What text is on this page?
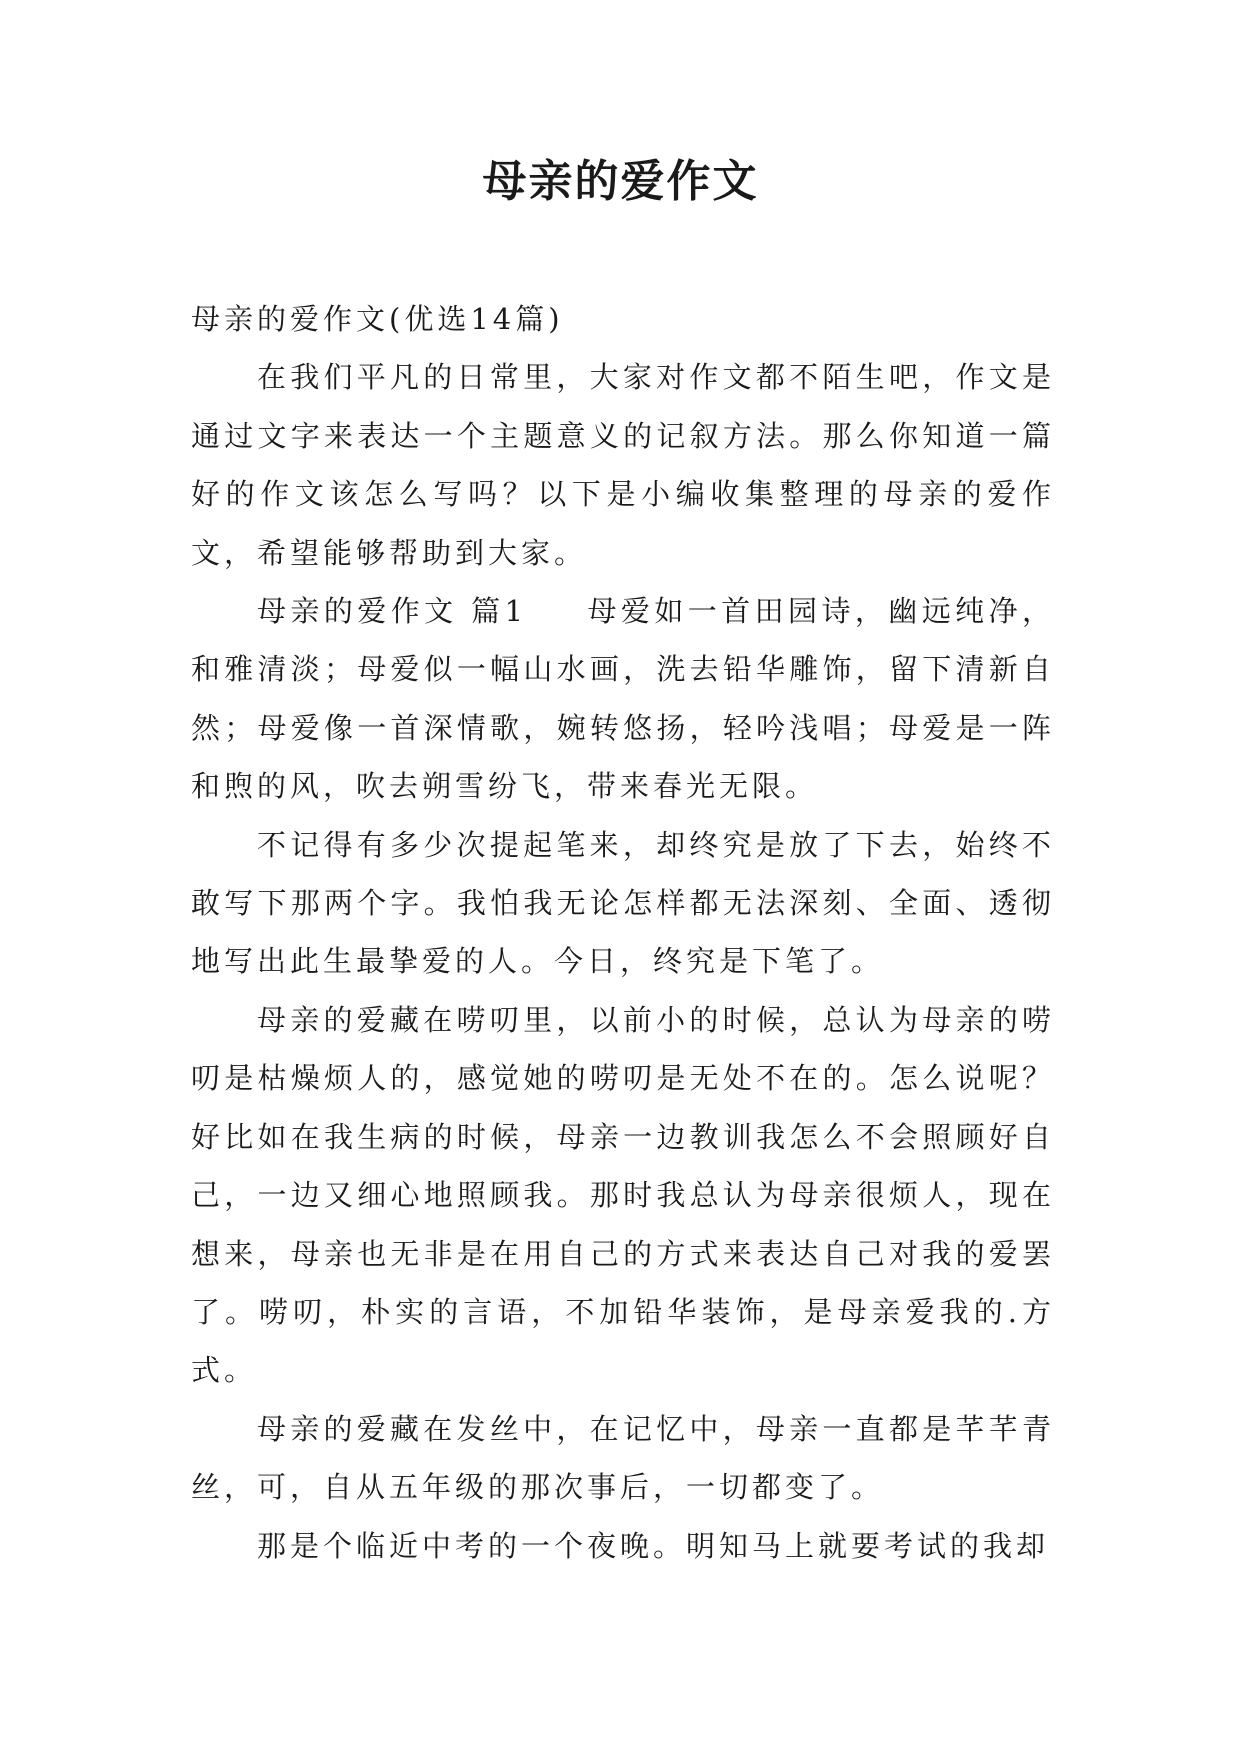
母亲的爱作文

母亲的爱作文(优选14篇)

在我们平凡的日常里，大家对作文都不陌生吧，作文是通过文字来表达一个主题意义的记叙方法。那么你知道一篇好的作文该怎么写吗？以下是小编收集整理的母亲的爱作文，希望能够帮助到大家。

母亲的爱作文 篇1 母爱如一首田园诗，幽远纯净，和雅清淡；母爱似一幅山水画，洗去铅华雕饰，留下清新自然；母爱像一首深情歌，婉转悠扬，轻吟浅唱；母爱是一阵和煦的风，吹去朔雪纷飞，带来春光无限。

不记得有多少次提起笔来，却终究是放了下去，始终不敢写下那两个字。我怕我无论怎样都无法深刻、全面、透彻地写出此生最挚爱的人。今日，终究是下笔了。

母亲的爱藏在唠叨里，以前小的时候，总认为母亲的唠叨是枯燥烦人的，感觉她的唠叨是无处不在的。怎么说呢？好比如在我生病的时候，母亲一边教训我怎么不会照顾好自己，一边又细心地照顾我。那时我总认为母亲很烦人，现在想来，母亲也无非是在用自己的方式来表达自己对我的爱罢了。唠叨，朴实的言语，不加铅华装饰，是母亲爱我的.方式。

母亲的爱藏在发丝中，在记忆中，母亲一直都是芊芊青丝，可，自从五年级的那次事后，一切都变了。

那是个临近中考的一个夜晚。明知马上就要考试的我却
